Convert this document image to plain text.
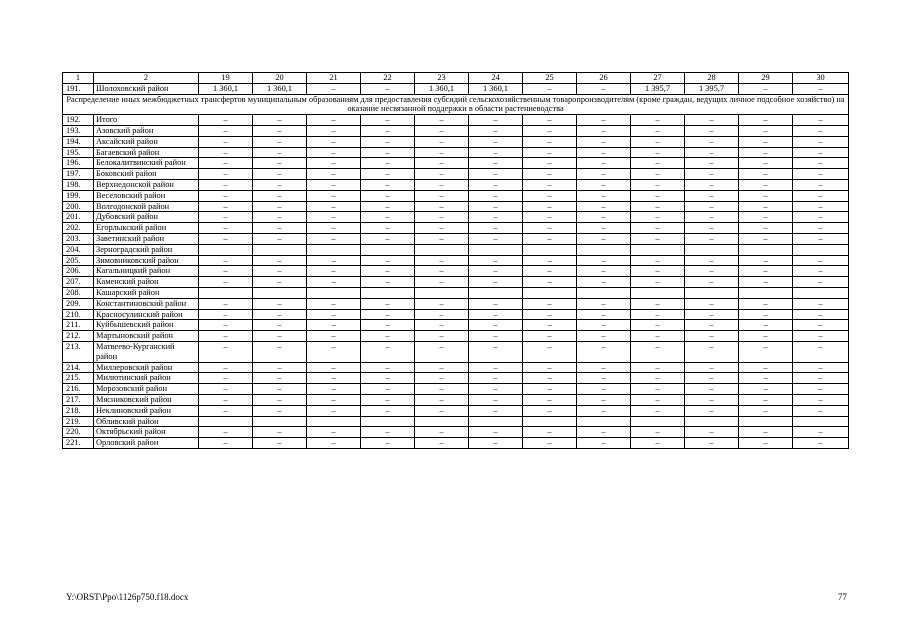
1	2	19	20	21	22	23	24	25	26	27	28	29	30
191.	Шолоховский район	1 360,1	1 360,1	–	–	1 360,1	1 360,1	–	–	1 395,7	1 395,7	–	–
Распределение иных межбюджетных трансфертов муниципальным образованиям для предоставления субсидий сельскохозяйственным товаропроизводителям (кроме граждан, ведущих личное подсобное хозяйство) на оказание несвязанной поддержки в области растениеводства													
192.	Итого	–	–	–	–	–	–	–	–	–	–	–	–
193.	Азовский район	–	–	–	–	–	–	–	–	–	–	–	–
194.	Аксайский район	–	–	–	–	–	–	–	–	–	–	–	–
195.	Багаевский район	–	–	–	–	–	–	–	–	–	–	–	–
196.	Белокалитвинский район	–	–	–	–	–	–	–	–	–	–	–	–
197.	Боковский район	–	–	–	–	–	–	–	–	–	–	–	–
198.	Верхнедонской район	–	–	–	–	–	–	–	–	–	–	–	–
199.	Веселовский район	–	–	–	–	–	–	–	–	–	–	–	–
200.	Волгодонской район	–	–	–	–	–	–	–	–	–	–	–	–
201.	Дубовский район	–	–	–	–	–	–	–	–	–	–	–	–
202.	Егорлыкский район	–	–	–	–	–	–	–	–	–	–	–	–
203.	Заветинский район	–	–	–	–	–	–	–	–	–	–	–	–
204.	Зерноградский район												
205.	Зимовниковский район	–	–	–	–	–	–	–	–	–	–	–	–
206.	Кагальницкий район	–	–	–	–	–	–	–	–	–	–	–	–
207.	Каменский район	–	–	–	–	–	–	–	–	–	–	–	–
208.	Кашарский район												
209.	Константиновский район	–	–	–	–	–	–	–	–	–	–	–	–
210.	Красносулинский район	–	–	–	–	–	–	–	–	–	–	–	–
211.	Куйбышевский район	–	–	–	–	–	–	–	–	–	–	–	–
212.	Мартыновский район	–	–	–	–	–	–	–	–	–	–	–	–
213.	Матвеево-Курганский район	–	–	–	–	–	–	–	–	–	–	–	–
214.	Миллеровский район	–	–	–	–	–	–	–	–	–	–	–	–
215.	Милютинский район	–	–	–	–	–	–	–	–	–	–	–	–
216.	Морозовский район	–	–	–	–	–	–	–	–	–	–	–	–
217.	Мясниковский район	–	–	–	–	–	–	–	–	–	–	–	–
218.	Неклиновский район	–	–	–	–	–	–	–	–	–	–	–	–
219.	Обливский район												
220.	Октябрьский район	–	–	–	–	–	–	–	–	–	–	–	–
221.	Орловский район	–	–	–	–	–	–	–	–	–	–	–	–
Y:\ORST\Ppo\1126p750.f18.docx	77
